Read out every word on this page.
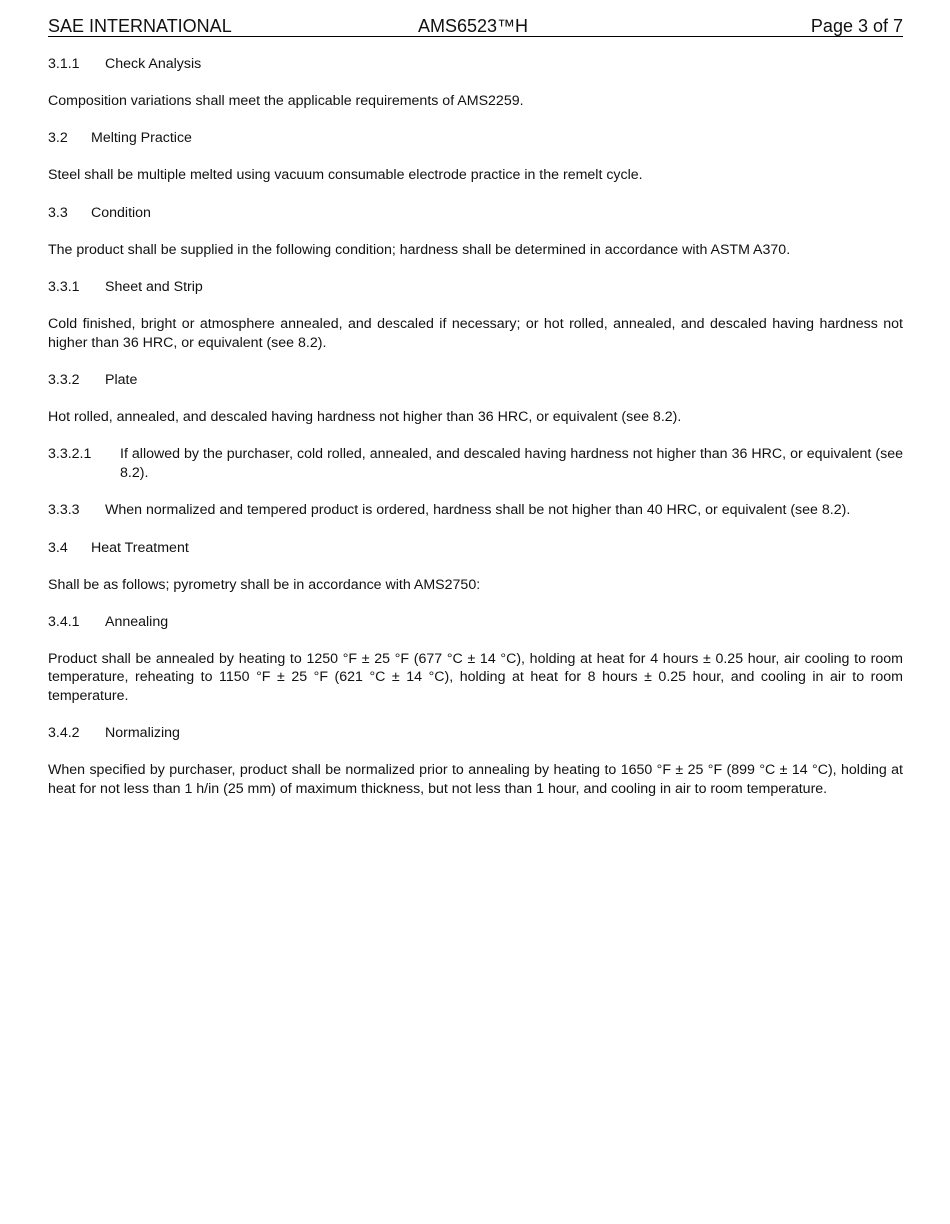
SAE INTERNATIONAL	AMS6523™H	Page 3 of 7
3.1.1 Check Analysis
Composition variations shall meet the applicable requirements of AMS2259.
3.2 Melting Practice
Steel shall be multiple melted using vacuum consumable electrode practice in the remelt cycle.
3.3 Condition
The product shall be supplied in the following condition; hardness shall be determined in accordance with ASTM A370.
3.3.1 Sheet and Strip
Cold finished, bright or atmosphere annealed, and descaled if necessary; or hot rolled, annealed, and descaled having hardness not higher than 36 HRC, or equivalent (see 8.2).
3.3.2 Plate
Hot rolled, annealed, and descaled having hardness not higher than 36 HRC, or equivalent (see 8.2).
3.3.2.1	If allowed by the purchaser, cold rolled, annealed, and descaled having hardness not higher than 36 HRC, or equivalent (see 8.2).
3.3.3	When normalized and tempered product is ordered, hardness shall be not higher than 40 HRC, or equivalent (see 8.2).
3.4 Heat Treatment
Shall be as follows; pyrometry shall be in accordance with AMS2750:
3.4.1 Annealing
Product shall be annealed by heating to 1250 °F ± 25 °F (677 °C ± 14 °C), holding at heat for 4 hours ± 0.25 hour, air cooling to room temperature, reheating to 1150 °F ± 25 °F (621 °C ± 14 °C), holding at heat for 8 hours ± 0.25 hour, and cooling in air to room temperature.
3.4.2 Normalizing
When specified by purchaser, product shall be normalized prior to annealing by heating to 1650 °F ± 25 °F (899 °C ± 14 °C), holding at heat for not less than 1 h/in (25 mm) of maximum thickness, but not less than 1 hour, and cooling in air to room temperature.
